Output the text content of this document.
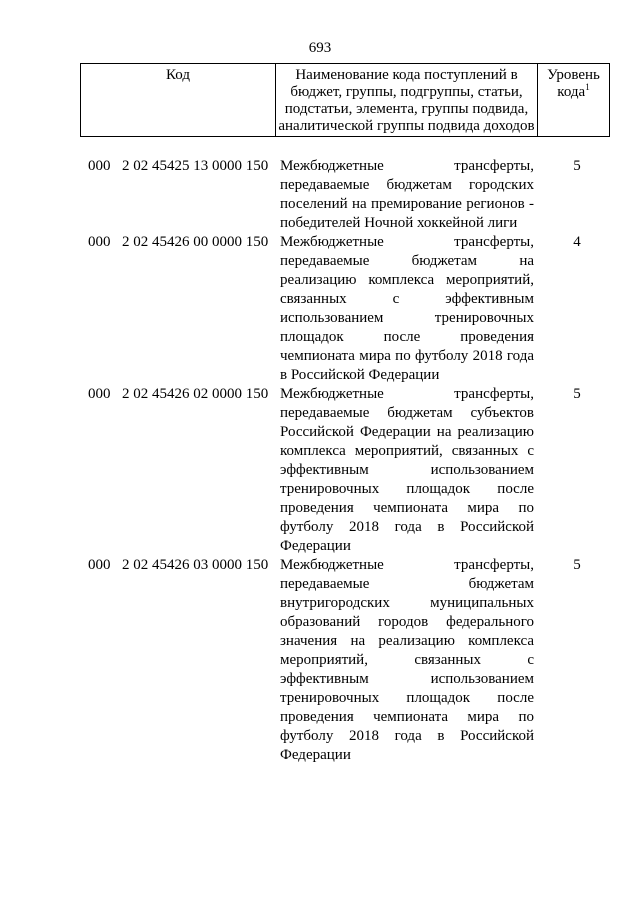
693
Код	Наименование кода поступлений в бюджет, группы, подгруппы, статьи, подстатьи, элемента, группы подвида, аналитической группы подвида доходов
Уровень кода$^1$
000 2 02 45425 13 0000 150 Межбюджетные трансферты, передаваемые бюджетам городских поселений на премирование регионов - победителей Ночной хоккейной лиги
5
000 2 02 45426 00 0000 150 Межбюджетные трансферты, передаваемые бюджетам на реализацию комплекса мероприятий, связанных с эффективным использованием тренировочных площадок после проведения чемпионата мира по футболу 2018 года в Российской Федерации
4
000 2 02 45426 02 0000 150 Межбюджетные трансферты, передаваемые бюджетам субъектов Российской Федерации на реализацию комплекса мероприятий, связанных с эффективным использованием тренировочных площадок после проведения чемпионата мира по футболу 2018 года в Российской Федерации
5
000 2 02 45426 03 0000 150 Межбюджетные трансферты, передаваемые бюджетам внутригородских муниципальных образований городов федерального значения на реализацию комплекса мероприятий, связанных с эффективным использованием тренировочных площадок после проведения чемпионата мира по футболу 2018 года в Российской Федерации
5
